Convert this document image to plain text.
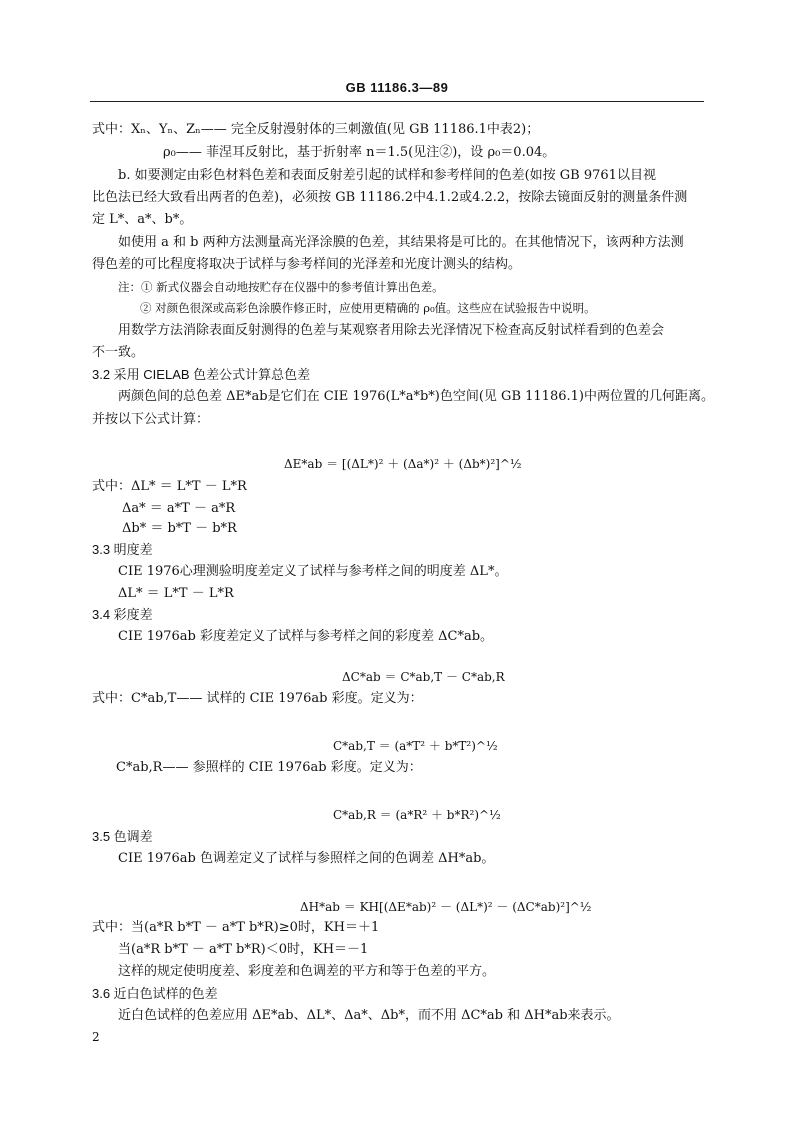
GB 11186.3—89
式中：Xₙ、Yₙ、Zₙ—— 完全反射漫射体的三刺激值(见 GB 11186.1中表2)；
ρ₀—— 菲涅耳反射比，基于折射率 n＝1.5(见注②)，设 ρ₀＝0.04。
b. 如要测定由彩色材料色差和表面反射差引起的试样和参考样间的色差(如按 GB 9761以目视
比色法已经大致看出两者的色差)，必须按 GB 11186.2中4.1.2或4.2.2，按除去镜面反射的测量条件测
定 L*、a*、b*。
如使用 a 和 b 两种方法测量高光泽涂膜的色差，其结果将是可比的。在其他情况下，该两种方法测
得色差的可比程度将取决于试样与参考样间的光泽差和光度计测头的结构。
注：① 新式仪器会自动地按贮存在仪器中的参考值计算出色差。
② 对颜色很深或高彩色涂膜作修正时，应使用更精确的 ρ₀值。这些应在试验报告中说明。
用数学方法消除表面反射测得的色差与某观察者用除去光泽情况下检查高反射试样看到的色差会
不一致。
3.2 采用 CIELAB 色差公式计算总色差
两颜色间的总色差 ΔE*ab是它们在 CIE 1976(L*a*b*)色空间(见 GB 11186.1)中两位置的几何距离。
并按以下公式计算：
ΔE*ab ＝ [(ΔL*)² ＋ (Δa*)² ＋ (Δb*)²]^½
式中：ΔL* ＝ L*T － L*R
Δa* ＝ a*T － a*R
Δb* ＝ b*T － b*R
3.3 明度差
CIE 1976心理测验明度差定义了试样与参考样之间的明度差 ΔL*。
ΔL* ＝ L*T － L*R
3.4 彩度差
CIE 1976ab 彩度差定义了试样与参考样之间的彩度差 ΔC*ab。
ΔC*ab ＝ C*ab,T － C*ab,R
式中：C*ab,T—— 试样的 CIE 1976ab 彩度。定义为：
C*ab,T ＝ (a*T² ＋ b*T²)^½
C*ab,R—— 参照样的 CIE 1976ab 彩度。定义为：
C*ab,R ＝ (a*R² ＋ b*R²)^½
3.5 色调差
CIE 1976ab 色调差定义了试样与参照样之间的色调差 ΔH*ab。
ΔH*ab ＝ KH[(ΔE*ab)² － (ΔL*)² － (ΔC*ab)²]^½
式中：当(a*R b*T － a*T b*R)≥0时，KH＝＋1
当(a*R b*T － a*T b*R)＜0时，KH＝－1
这样的规定使明度差、彩度差和色调差的平方和等于色差的平方。
3.6 近白色试样的色差
近白色试样的色差应用 ΔE*ab、ΔL*、Δa*、Δb*，而不用 ΔC*ab 和 ΔH*ab来表示。
2
